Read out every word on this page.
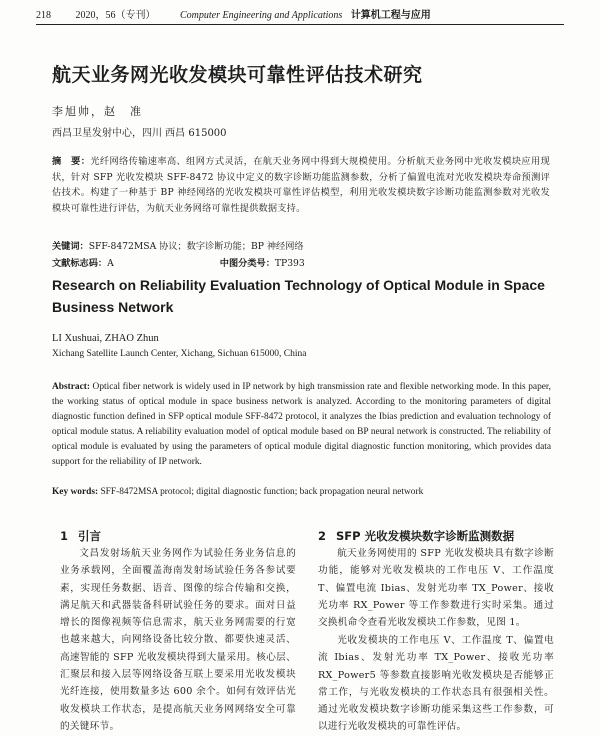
218 2020，56（专刊） Computer Engineering and Applications 计算机工程与应用
航天业务网光收发模块可靠性评估技术研究
李旭帅，赵　准
西昌卫星发射中心，四川 西昌 615000
摘　要：光纤网络传输速率高、组网方式灵活，在航天业务网中得到大规模使用。分析航天业务网中光收发模块应用现状，针对 SFP 光收发模块 SFF-8472 协议中定义的数字诊断功能监测参数，分析了偏置电流对光收发模块寿命预测评估技术。构建了一种基于 BP 神经网络的光收发模块可靠性评估模型，利用光收发模块数字诊断功能监测参数对光收发模块可靠性进行评估，为航天业务网络可靠性提供数据支持。
关键词：SFF-8472MSA 协议；数字诊断功能；BP 神经网络
文献标志码：A	中图分类号：TP393
Research on Reliability Evaluation Technology of Optical Module in Space Business Network
LI Xushuai, ZHAO Zhun
Xichang Satellite Launch Center, Xichang, Sichuan 615000, China
Abstract: Optical fiber network is widely used in IP network by high transmission rate and flexible networking mode. In this paper, the working status of optical module in space business network is analyzed. According to the monitoring parameters of digital diagnostic function defined in SFP optical module SFF-8472 protocol, it analyzes the Ibias prediction and evaluation technology of optical module status. A reliability evaluation model of optical module based on BP neural network is constructed. The reliability of optical module is evaluated by using the parameters of optical module digital diagnostic function monitoring, which provides data support for the reliability of IP network.
Key words: SFF-8472MSA protocol; digital diagnostic function; back propagation neural network
1 引言
文昌发射场航天业务网作为试验任务业务信息的业务承载网，全面覆盖海南发射场试验任务各参试要素，实现任务数据、语音、图像的综合传输和交换，满足航天和武器装备科研试验任务的要求。面对日益增长的图像视频等信息需求，航天业务网需要的行宽也越来越大，向网络设备比较分散、都要快速灵活、高速智能的 SFP 光收发模块得到大量采用。核心层、汇聚层和接入层等网络设备互联上要采用光收发模块光纤连接，使用数量多达 600 余个。如何有效评估光收发模块工作状态，是提高航天业务网网络安全可靠的关键环节。
2 SFP 光收发模块数字诊断监测数据
航天业务网使用的 SFP 光收发模块具有数字诊断功能，能够对光收发模块的工作电压 V、工作温度 T、偏置电流 Ibias、发射光功率 TX_Power、接收光功率 RX_Power 等工作参数进行实时采集。通过交换机命令查看光收发模块工作参数，见图 1。
光收发模块的工作电压 V、工作温度 T、偏置电流 Ibias、发射光功率 TX_Power、接收光功率 RX_Power5 等参数直接影响光收发模块是否能够正常工作，与光收发模块的工作状态具有很强相关性。通过光收发模块数字诊断功能采集这些工作参数，可以进行光收发模块的可靠性评估。
